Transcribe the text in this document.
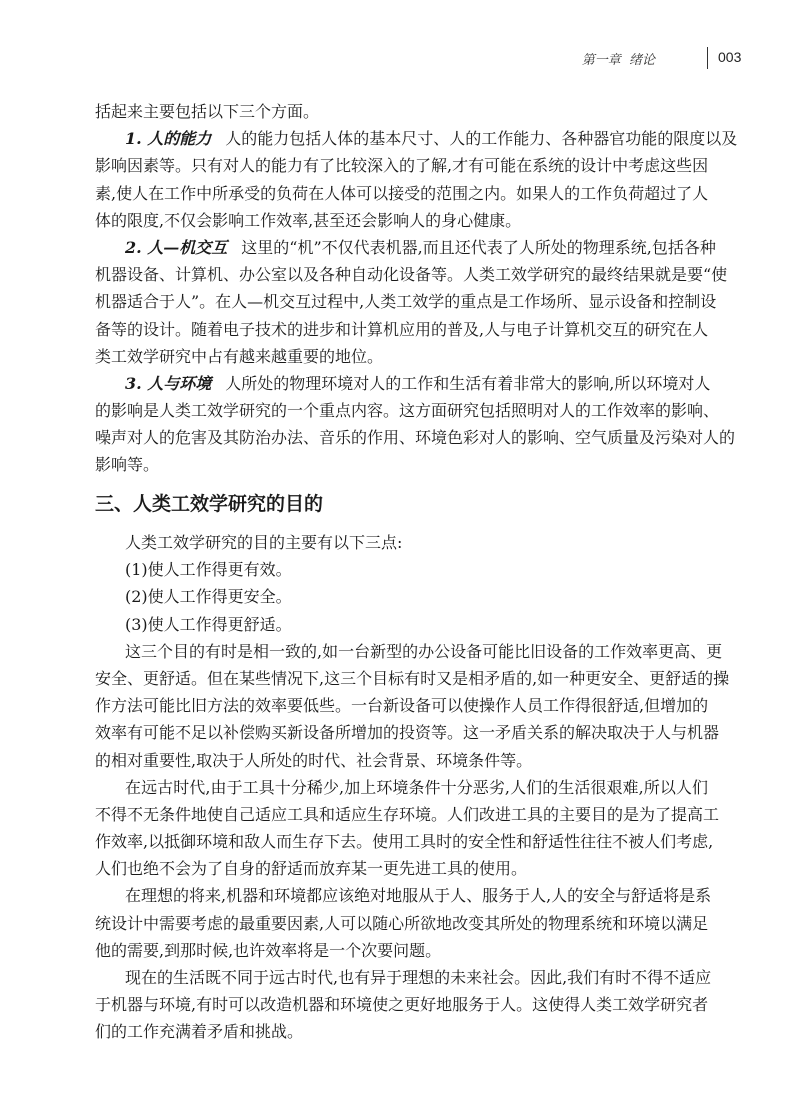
第一章  绪论	003
括起来主要包括以下三个方面。
1. 人的能力 人的能力包括人体的基本尺寸、人的工作能力、各种器官功能的限度以及
影响因素等。只有对人的能力有了比较深入的了解,才有可能在系统的设计中考虑这些因
素,使人在工作中所承受的负荷在人体可以接受的范围之内。如果人的工作负荷超过了人
体的限度,不仅会影响工作效率,甚至还会影响人的身心健康。
2. 人—机交互 这里的“机”不仅代表机器,而且还代表了人所处的物理系统,包括各种
机器设备、计算机、办公室以及各种自动化设备等。人类工效学研究的最终结果就是要“使
机器适合于人”。在人—机交互过程中,人类工效学的重点是工作场所、显示设备和控制设
备等的设计。随着电子技术的进步和计算机应用的普及,人与电子计算机交互的研究在人
类工效学研究中占有越来越重要的地位。
3. 人与环境 人所处的物理环境对人的工作和生活有着非常大的影响,所以环境对人
的影响是人类工效学研究的一个重点内容。这方面研究包括照明对人的工作效率的影响、
噪声对人的危害及其防治办法、音乐的作用、环境色彩对人的影响、空气质量及污染对人的
影响等。
三、人类工效学研究的目的
人类工效学研究的目的主要有以下三点:
(1)使人工作得更有效。
(2)使人工作得更安全。
(3)使人工作得更舒适。
这三个目的有时是相一致的,如一台新型的办公设备可能比旧设备的工作效率更高、更
安全、更舒适。但在某些情况下,这三个目标有时又是相矛盾的,如一种更安全、更舒适的操
作方法可能比旧方法的效率要低些。一台新设备可以使操作人员工作得很舒适,但增加的
效率有可能不足以补偿购买新设备所增加的投资等。这一矛盾关系的解决取决于人与机器
的相对重要性,取决于人所处的时代、社会背景、环境条件等。
在远古时代,由于工具十分稀少,加上环境条件十分恶劣,人们的生活很艰难,所以人们
不得不无条件地使自己适应工具和适应生存环境。人们改进工具的主要目的是为了提高工
作效率,以抵御环境和敌人而生存下去。使用工具时的安全性和舒适性往往不被人们考虑,
人们也绝不会为了自身的舒适而放弃某一更先进工具的使用。
在理想的将来,机器和环境都应该绝对地服从于人、服务于人,人的安全与舒适将是系
统设计中需要考虑的最重要因素,人可以随心所欲地改变其所处的物理系统和环境以满足
他的需要,到那时候,也许效率将是一个次要问题。
现在的生活既不同于远古时代,也有异于理想的未来社会。因此,我们有时不得不适应
于机器与环境,有时可以改造机器和环境使之更好地服务于人。这使得人类工效学研究者
们的工作充满着矛盾和挑战。
